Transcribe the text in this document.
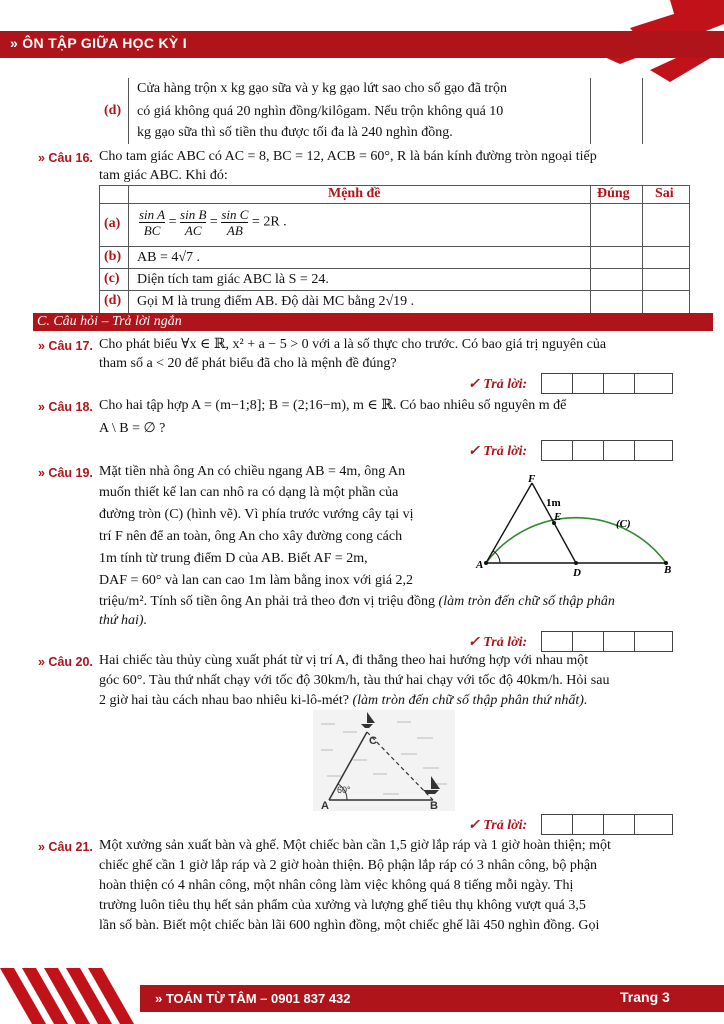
» ÔN TẬP GIỮA HỌC KỲ I
(d)
Cửa hàng trộn x kg gạo sữa và y kg gạo lứt sao cho số gạo đã trộn
có giá không quá 20 nghìn đồng/kilôgam. Nếu trộn không quá 10
kg gạo sữa thì số tiền thu được tối đa là 240 nghìn đồng.
» Câu 16. Cho tam giác ABC có AC = 8, BC = 12, ACB = 60°, R là bán kính đường tròn ngoại tiếp
tam giác ABC. Khi đó:
Mệnh đề	Đúng Sai
$(a) \frac{\text{sin A}}{BC} = \frac{\text{sin B}}{AC} = \frac{\text{sin C}}{AB} = 2R$ .
(b) AB = 4√7 .
(c) Diện tích tam giác ABC là S = 24.
(d) Gọi M là trung điểm AB. Độ dài MC bằng 2√19 .
C. Câu hỏi – Trả lời ngắn
» Câu 17. Cho phát biểu ∀x ∈ ℝ, x² + a − 5 > 0 với a là số thực cho trước. Có bao giá trị nguyên của
tham số a < 20 để phát biểu đã cho là mệnh đề đúng?
✓ Trả lời:
» Câu 18. Cho hai tập hợp A = (m−1;8]; B = (2;16−m), m ∈ ℝ. Có bao nhiêu số nguyên m để
A \ B = ∅ ?
✓ Trả lời:
» Câu 19. Mặt tiền nhà ông An có chiều ngang AB = 4m, ông An
muốn thiết kế lan can nhô ra có dạng là một phần của
đường tròn (C) (hình vẽ). Vì phía trước vướng cây tại vị
trí F nên để an toàn, ông An cho xây đường cong cách
1m tính từ trung điểm D của AB. Biết AF = 2m,
DAF = 60° và lan can cao 1m làm bằng inox với giá 2,2
triệu/m². Tính số tiền ông An phải trả theo đơn vị triệu đồng (làm tròn đến chữ số thập phân
thứ hai).
F
E
1m
A
D	B
(C)
✓ Trả lời:
» Câu 20. Hai chiếc tàu thủy cùng xuất phát từ vị trí A, đi thẳng theo hai hướng hợp với nhau một
góc 60°. Tàu thứ nhất chạy với tốc độ 30km/h, tàu thứ hai chạy với tốc độ 40km/h. Hỏi sau
2 giờ hai tàu cách nhau bao nhiêu ki-lô-mét? (làm tròn đến chữ số thập phân thứ nhất).
A	B
C
60°
✓ Trả lời:
» Câu 21. Một xưởng sản xuất bàn và ghế. Một chiếc bàn cần 1,5 giờ lắp ráp và 1 giờ hoàn thiện; một
chiếc ghế cần 1 giờ lắp ráp và 2 giờ hoàn thiện. Bộ phận lắp ráp có 3 nhân công, bộ phận
hoàn thiện có 4 nhân công, một nhân công làm việc không quá 8 tiếng mỗi ngày. Thị
trường luôn tiêu thụ hết sản phẩm của xưởng và lượng ghế tiêu thụ không vượt quá 3,5
lần số bàn. Biết một chiếc bàn lãi 600 nghìn đồng, một chiếc ghế lãi 450 nghìn đồng. Gọi
» TOÁN TỪ TÂM – 0901 837 432	Trang 3
